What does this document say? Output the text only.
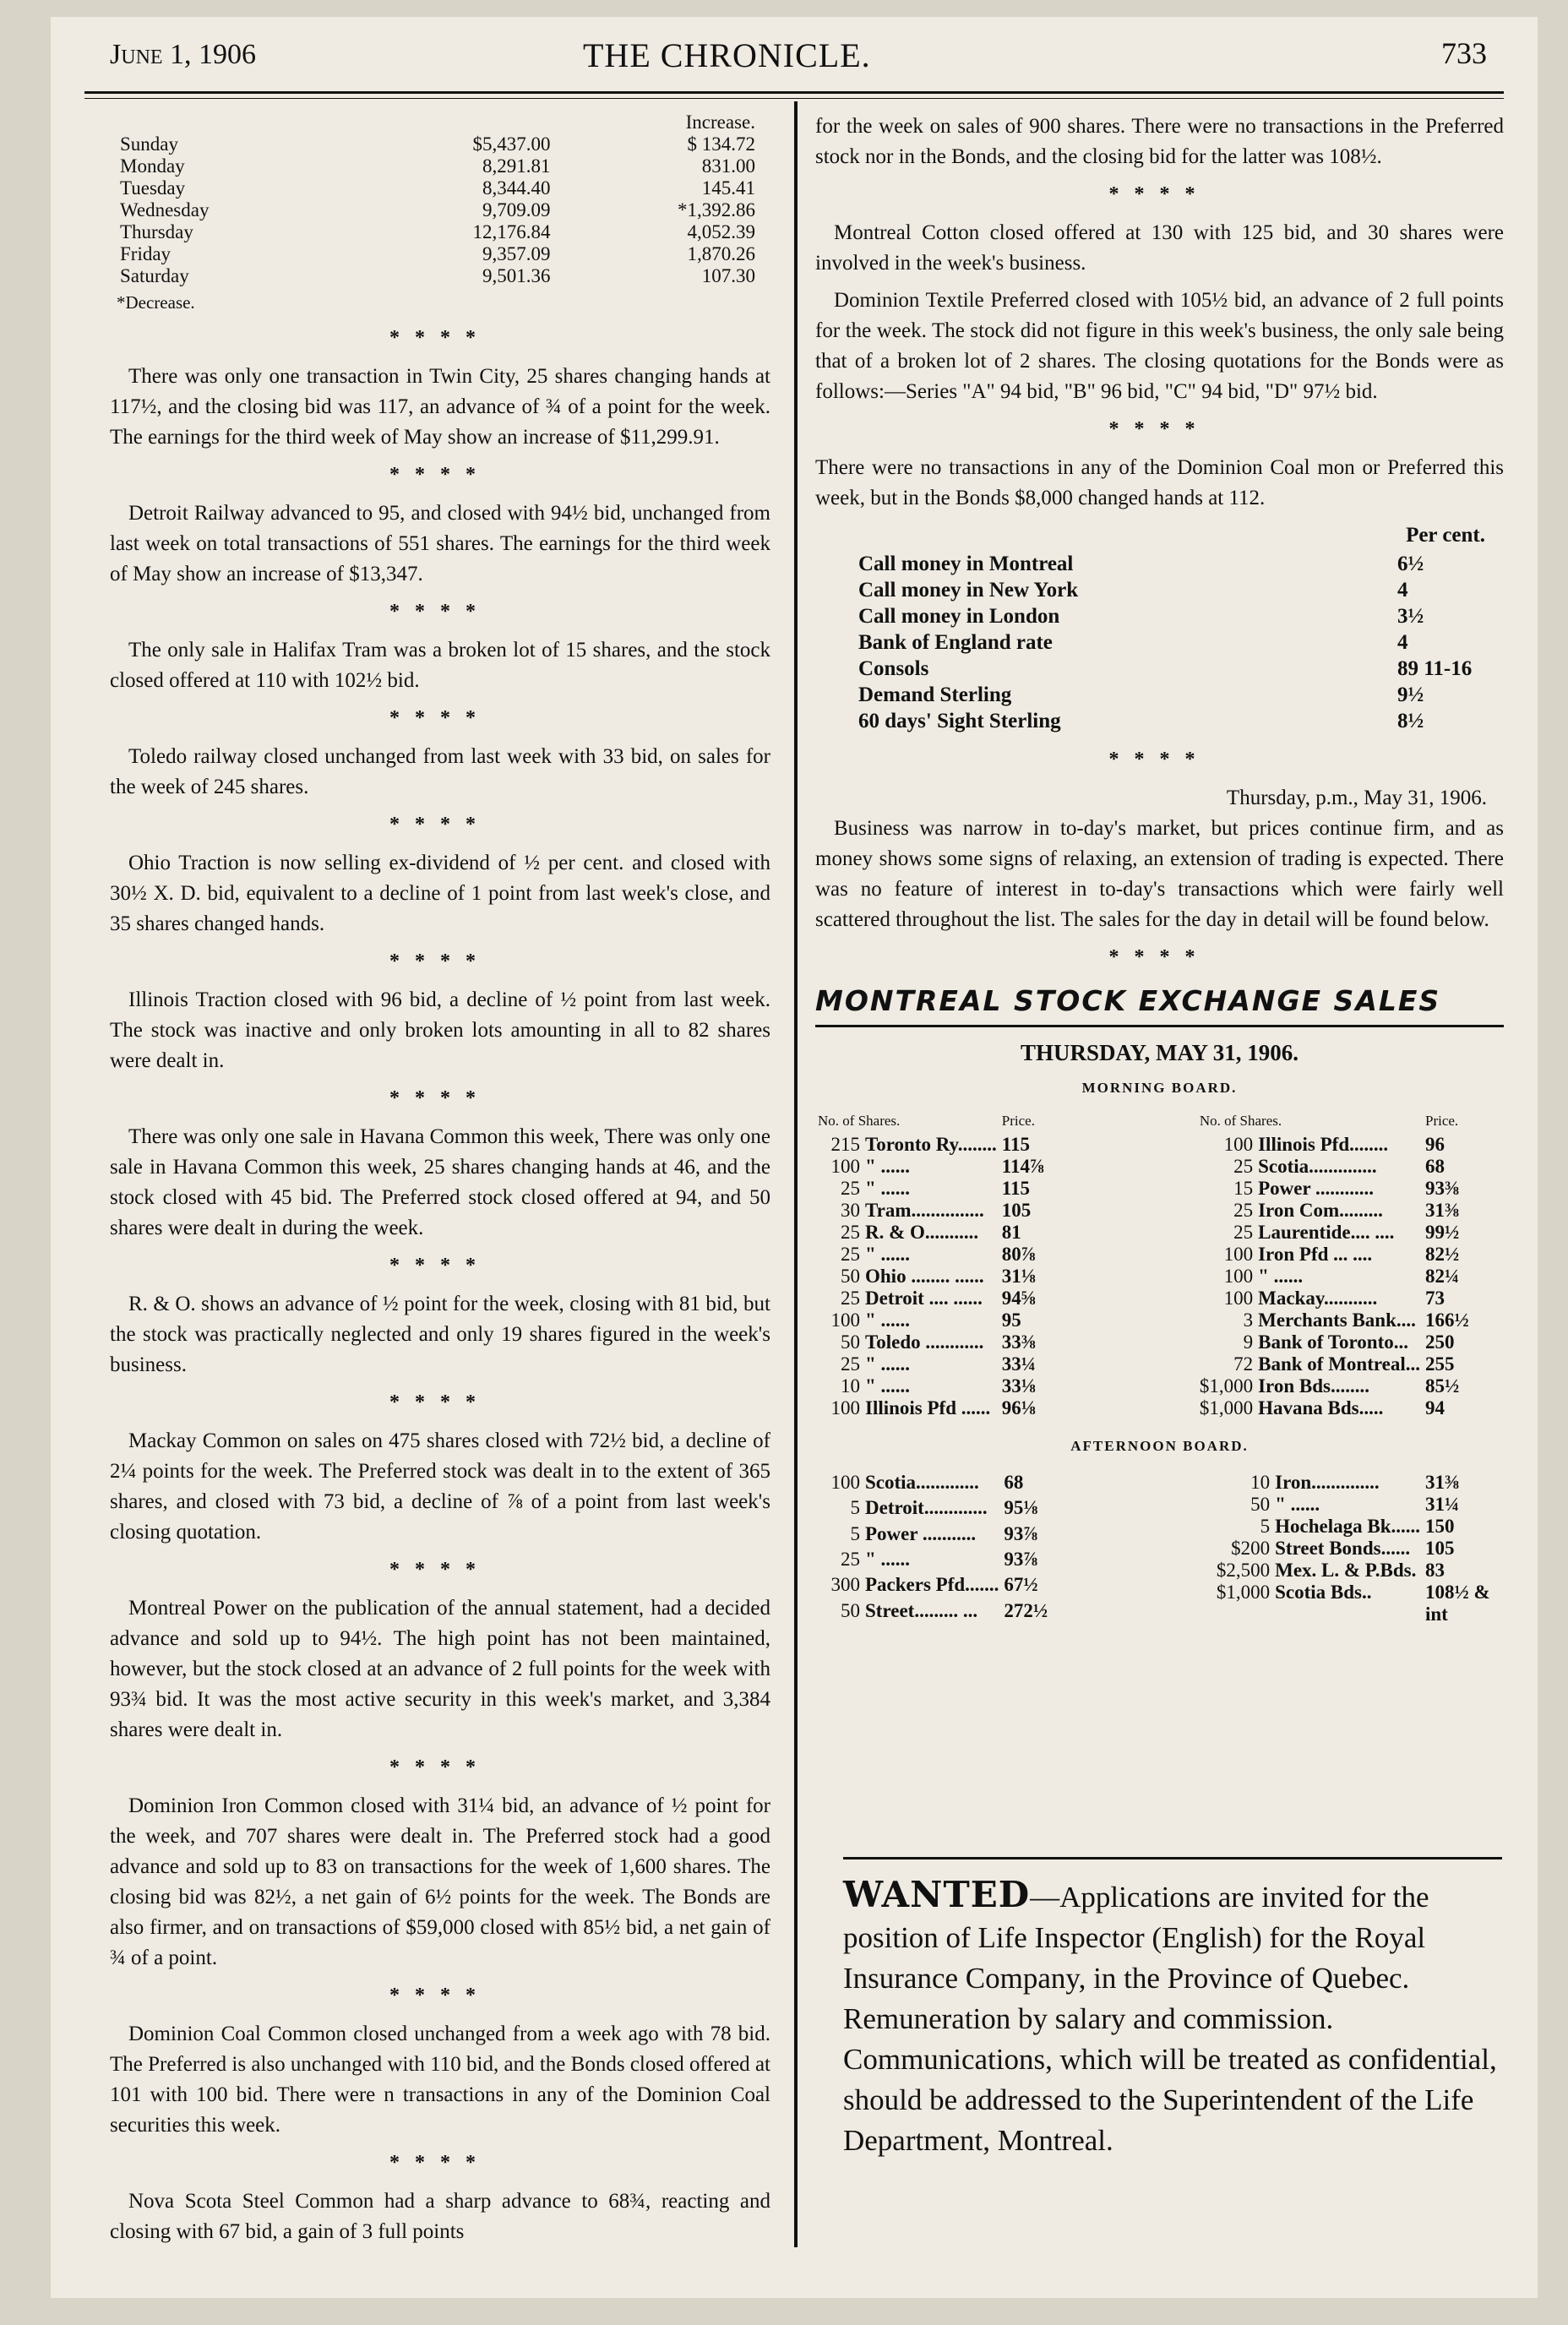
June 1, 1906	THE CHRONICLE.	733
		Increase.
Sunday	$5,437.00	$ 134.72
Monday	8,291.81	831.00
Tuesday	8,344.40	145.41
Wednesday	9,709.09	*1,392.86
Thursday	12,176.84	4,052.39
Friday	9,357.09	1,870.26
Saturday	9,501.36	107.30
*Decrease.
****

There was only one transaction in Twin City, 25 shares changing hands at 117½, and the closing bid was 117, an advance of ¾ of a point for the week. The earnings for the third week of May show an increase of $11,299.91.

****

Detroit Railway advanced to 95, and closed with 94½ bid, unchanged from last week on total transactions of 551 shares. The earnings for the third week of May show an increase of $13,347.

****

The only sale in Halifax Tram was a broken lot of 15 shares, and the stock closed offered at 110 with 102½ bid.

****

Toledo railway closed unchanged from last week with 33 bid, on sales for the week of 245 shares.

****

Ohio Traction is now selling ex-dividend of ½ per cent. and closed with 30½ X. D. bid, equivalent to a decline of 1 point from last week's close, and 35 shares changed hands.

****

Illinois Traction closed with 96 bid, a decline of ½ point from last week. The stock was inactive and only broken lots amounting in all to 82 shares were dealt in.

****

There was only one sale in Havana Common this week, There was only one sale in Havana Common this week, 25 shares changing hands at 46, and the stock closed with 45 bid. The Preferred stock closed offered at 94, and 50 shares were dealt in during the week.

****

R. & O. shows an advance of ½ point for the week, closing with 81 bid, but the stock was practically neglected and only 19 shares figured in the week's business.

****

Mackay Common on sales on 475 shares closed with 72½ bid, a decline of 2¼ points for the week. The Preferred stock was dealt in to the extent of 365 shares, and closed with 73 bid, a decline of ⅞ of a point from last week's closing quotation.

****

Montreal Power on the publication of the annual statement, had a decided advance and sold up to 94½. The high point has not been maintained, however, but the stock closed at an advance of 2 full points for the week with 93¾ bid. It was the most active security in this week's market, and 3,384 shares were dealt in.

****

Dominion Iron Common closed with 31¼ bid, an advance of ½ point for the week, and 707 shares were dealt in. The Preferred stock had a good advance and sold up to 83 on transactions for the week of 1,600 shares. The closing bid was 82½, a net gain of 6½ points for the week. The Bonds are also firmer, and on transactions of $59,000 closed with 85½ bid, a net gain of ¾ of a point.

****

Dominion Coal Common closed unchanged from a week ago with 78 bid. The Preferred is also unchanged with 110 bid, and the Bonds closed offered at 101 with 100 bid. There were n transactions in any of the Dominion Coal securities this week.

****

Nova Scota Steel Common had a sharp advance to 68¾, reacting and closing with 67 bid, a gain of 3 full points

for the week on sales of 900 shares. There were no transactions in the Preferred stock nor in the Bonds, and the closing bid for the latter was 108½.

****

Montreal Cotton closed offered at 130 with 125 bid, and 30 shares were involved in the week's business.

Dominion Textile Preferred closed with 105½ bid, an advance of 2 full points for the week. The stock did not figure in this week's business, the only sale being that of a broken lot of 2 shares. The closing quotations for the Bonds were as follows:—Series "A" 94 bid, "B" 96 bid, "C" 94 bid, "D" 97½ bid.

****

There were no transactions in any of the Dominion Coal mon or Preferred this week, but in the Bonds $8,000 changed hands at 112.

Per cent.
Call money in Montreal	6½
Call money in New York	4
Call money in London	3½
Bank of England rate	4
Consols	89 11-16
Demand Sterling	9½
60 days' Sight Sterling	8½
****
Thursday, p.m., May 31, 1906.

Business was narrow in to-day's market, but prices continue firm, and as money shows some signs of relaxing, an extension of trading is expected. There was no feature of interest in to-day's transactions which were fairly well scattered throughout the list. The sales for the day in detail will be found below.

****
MONTREAL STOCK EXCHANGE SALES
THURSDAY, MAY 31, 1906.
MORNING BOARD.
No. of Shares.		Price.
215	Toronto Ry........	115
100	" ......	114⅞
25	" ......	115
30	Tram...............	105
25	R. & O...........	81
25	" ......	80⅞
50	Ohio ........ ......	31⅛
25	Detroit .... ......	94⅝
100	" ......	95
50	Toledo ............	33⅜
25	" ......	33¼
10	" ......	33⅛
100	Illinois Pfd ......	96⅛
No. of Shares.		Price.
100	Illinois Pfd........	96
25	Scotia..............	68
15	Power ............	93⅜
25	Iron Com.........	31⅜
25	Laurentide.... ....	99½
100	Iron Pfd ... ....	82½
100	" ......	82¼
100	Mackay...........	73
3	Merchants Bank....	166½
9	Bank of Toronto...	250
72	Bank of Montreal...	255
$1,000	Iron Bds........	85½
$1,000	Havana Bds.....	94
AFTERNOON BOARD.
100	Scotia.............	68
5	Detroit.............	95⅛
5	Power ...........	93⅞
25	" ......	93⅞
300	Packers Pfd.......	67½
50	Street......... ...	272½
10	Iron..............	31⅜
50	" ......	31¼
5	Hochelaga Bk......	150
$200	Street Bonds......	105
$2,500	Mex. L. & P.Bds.	83
$1,000	Scotia Bds..	108½ & int
WANTED—Applications are invited for the position of Life Inspector (English) for the Royal Insurance Company, in the Province of Quebec. Remuneration by salary and commission. Communications, which will be treated as confidential, should be addressed to the Superintendent of the Life Department, Montreal.
